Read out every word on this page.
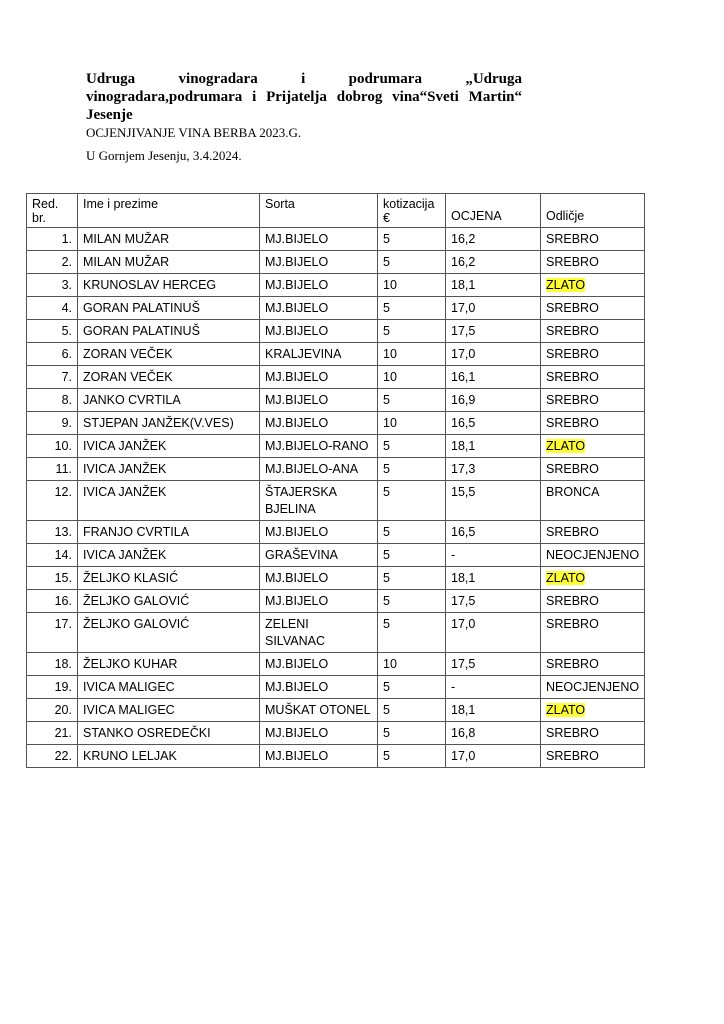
Udruga vinogradara i podrumara „Udruga vinogradara,podrumara i Prijatelja dobrog vina“Sveti Martin“ Jesenje
OCJENJIVANJE VINA BERBA 2023.G.
U Gornjem Jesenju, 3.4.2024.
Red. br.	Ime i prezime	Sorta	kotizacija €	OCJENA	Odličje
1.	MILAN MUŽAR	MJ.BIJELO	5	16,2	SREBRO
2.	MILAN MUŽAR	MJ.BIJELO	5	16,2	SREBRO
3.	KRUNOSLAV HERCEG	MJ.BIJELO	10	18,1	ZLATO
4.	GORAN PALATINUŠ	MJ.BIJELO	5	17,0	SREBRO
5.	GORAN PALATINUŠ	MJ.BIJELO	5	17,5	SREBRO
6.	ZORAN VEČEK	KRALJEVINA	10	17,0	SREBRO
7.	ZORAN VEČEK	MJ.BIJELO	10	16,1	SREBRO
8.	JANKO CVRTILA	MJ.BIJELO	5	16,9	SREBRO
9.	STJEPAN JANŽEK(V.VES)	MJ.BIJELO	10	16,5	SREBRO
10.	IVICA JANŽEK	MJ.BIJELO-RANO	5	18,1	ZLATO
11.	IVICA JANŽEK	MJ.BIJELO-ANA	5	17,3	SREBRO
12.	IVICA JANŽEK	ŠTAJERSKA BJELINA	5	15,5	BRONCA
13.	FRANJO CVRTILA	MJ.BIJELO	5	16,5	SREBRO
14.	IVICA JANŽEK	GRAŠEVINA	5	-	NEOCJENJENO
15.	ŽELJKO KLASIĆ	MJ.BIJELO	5	18,1	ZLATO
16.	ŽELJKO GALOVIĆ	MJ.BIJELO	5	17,5	SREBRO
17.	ŽELJKO GALOVIĆ	ZELENI SILVANAC	5	17,0	SREBRO
18.	ŽELJKO KUHAR	MJ.BIJELO	10	17,5	SREBRO
19.	IVICA MALIGEC	MJ.BIJELO	5	-	NEOCJENJENO
20.	IVICA MALIGEC	MUŠKAT OTONEL	5	18,1	ZLATO
21.	STANKO OSREDEČKI	MJ.BIJELO	5	16,8	SREBRO
22.	KRUNO LELJAK	MJ.BIJELO	5	17,0	SREBRO
